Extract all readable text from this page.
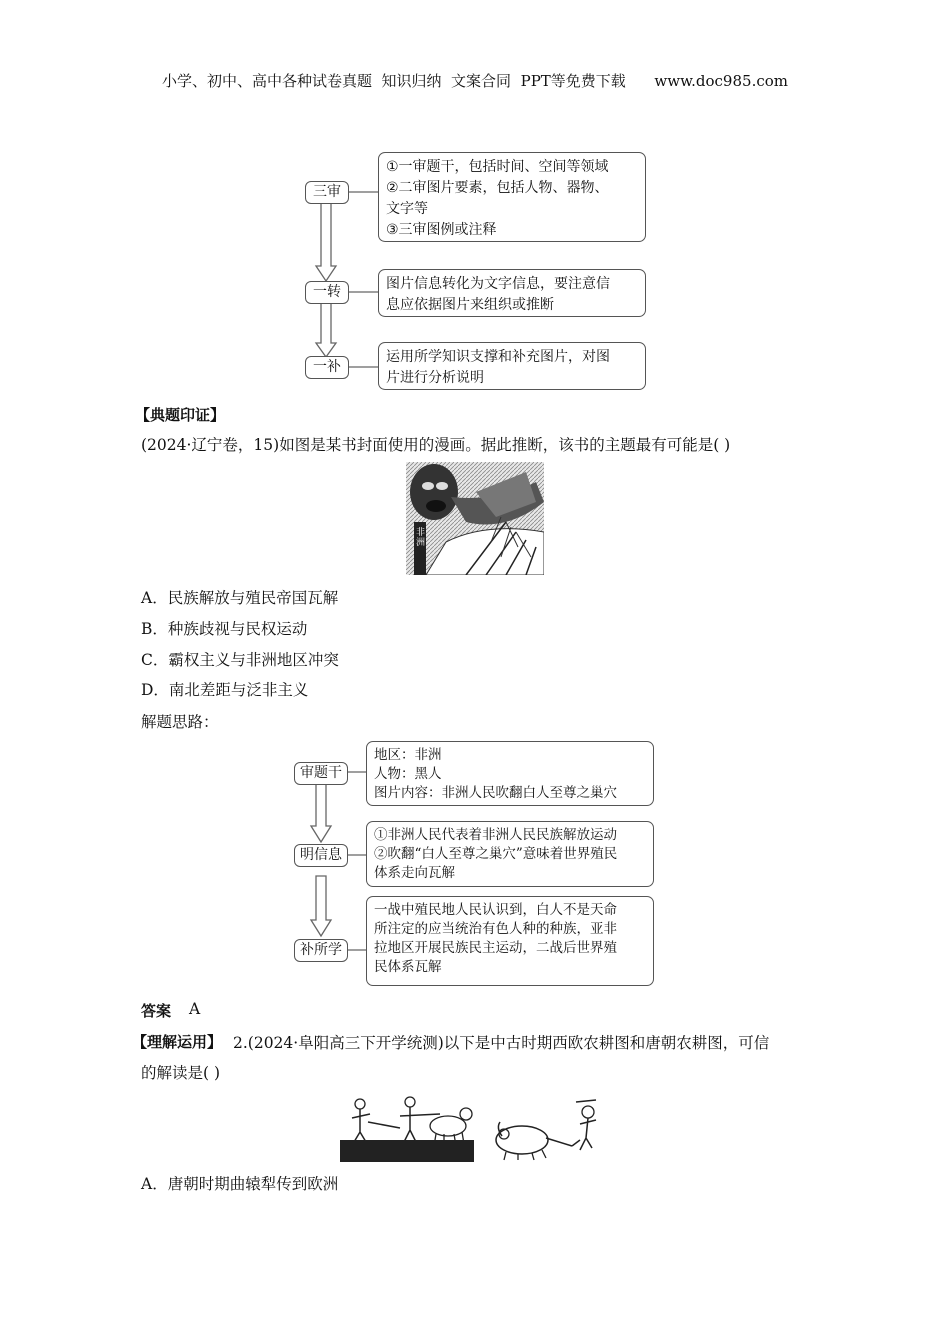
小学、初中、高中各种试卷真题  知识归纳  文案合同  PPT等免费下载      www.doc985.com
三审
一转
一补
①一审题干，包括时间、空间等领域
②二审图片要素，包括人物、器物、
文字等
③三审图例或注释
图片信息转化为文字信息，要注意信
息应依据图片来组织或推断
运用所学知识支撑和补充图片，对图
片进行分析说明
【典题印证】
(2024·辽宁卷，15)如图是某书封面使用的漫画。据此推断，该书的主题最有可能是( )
非洲
A．民族解放与殖民帝国瓦解
B．种族歧视与民权运动
C．霸权主义与非洲地区冲突
D．南北差距与泛非主义
解题思路：
审题干
明信息
补所学
地区：非洲
人物：黑人
图片内容：非洲人民吹翻白人至尊之巢穴
①非洲人民代表着非洲人民民族解放运动
②吹翻“白人至尊之巢穴”意味着世界殖民
体系走向瓦解
一战中殖民地人民认识到，白人不是天命
所注定的应当统治有色人种的种族，亚非
拉地区开展民族民主运动，二战后世界殖
民体系瓦解
答案 A
【理解运用】 2.(2024·阜阳高三下开学统测)以下是中古时期西欧农耕图和唐朝农耕图，可信
的解读是( )
A．唐朝时期曲辕犁传到欧洲
